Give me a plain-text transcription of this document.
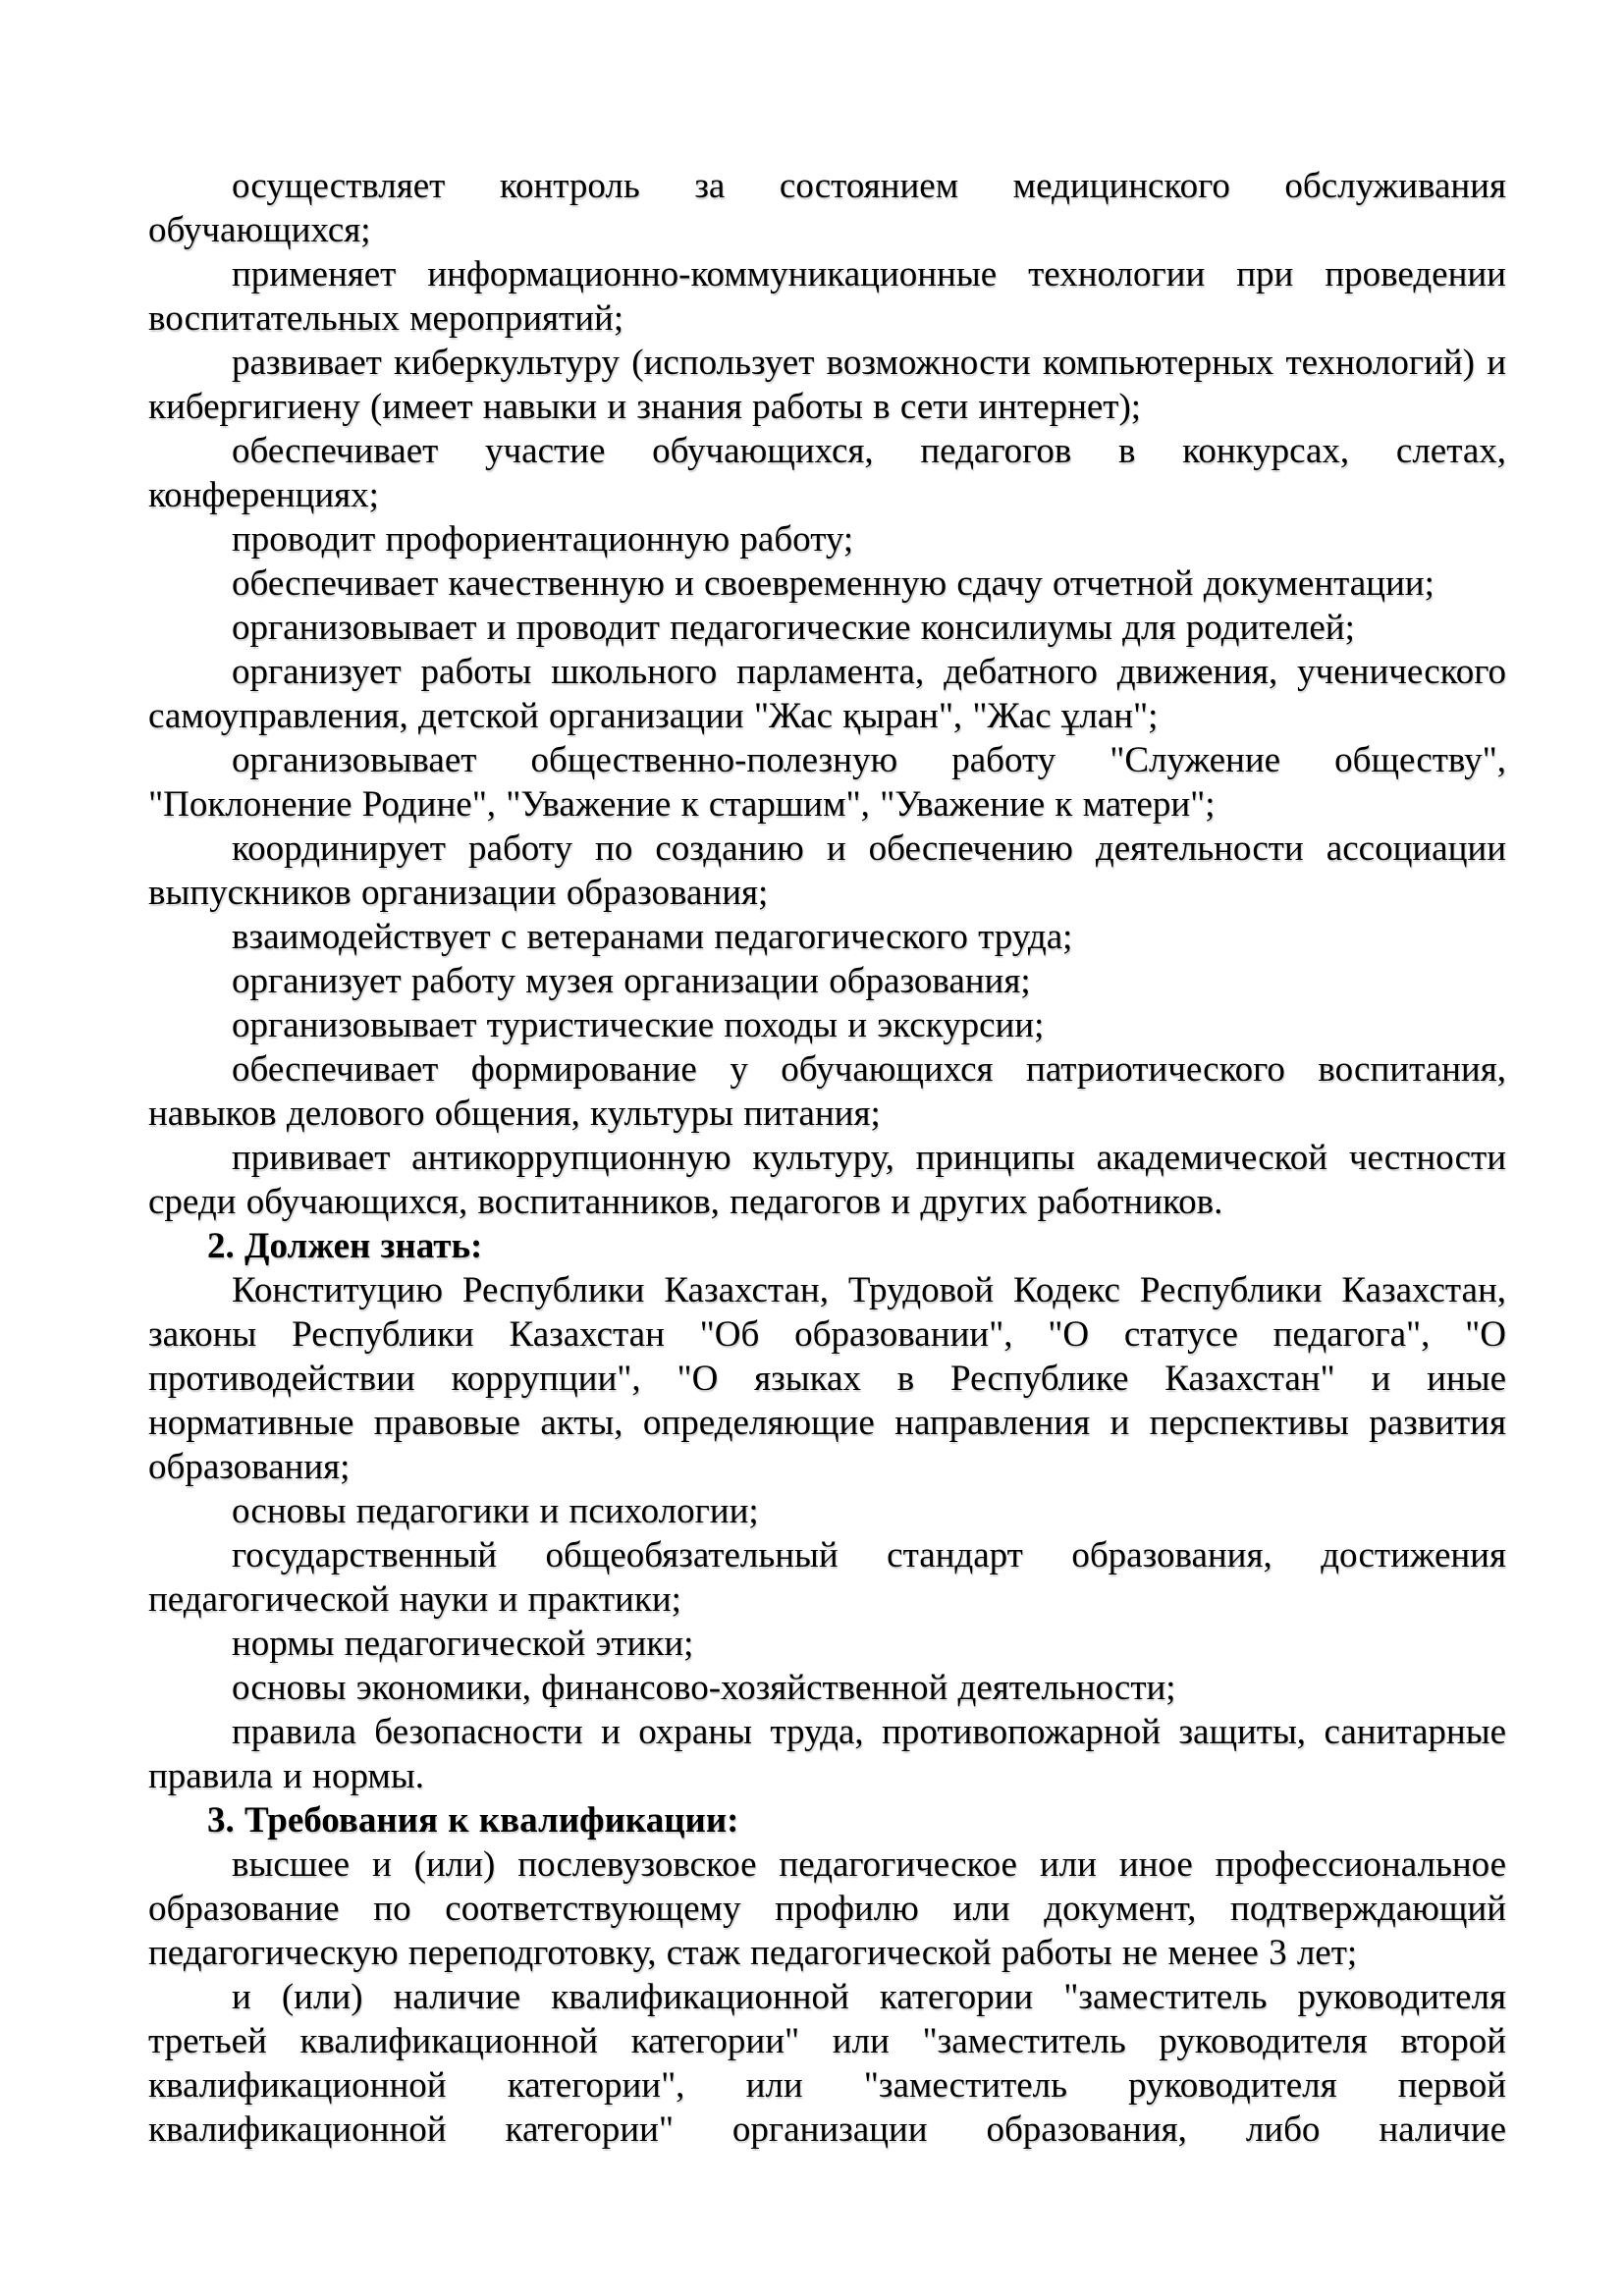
осуществляет контроль за состоянием медицинского обслуживания обучающихся;

применяет информационно-коммуникационные технологии при проведении воспитательных мероприятий;

развивает киберкультуру (использует возможности компьютерных технологий) и кибергигиену (имеет навыки и знания работы в сети интернет);

обеспечивает участие обучающихся, педагогов в конкурсах, слетах, конференциях;

проводит профориентационную работу;

обеспечивает качественную и своевременную сдачу отчетной документации;

организовывает и проводит педагогические консилиумы для родителей;

организует работы школьного парламента, дебатного движения, ученического самоуправления, детской организации "Жас қыран", "Жас ұлан";

организовывает общественно-полезную работу "Служение обществу", "Поклонение Родине", "Уважение к старшим", "Уважение к матери";

координирует работу по созданию и обеспечению деятельности ассоциации выпускников организации образования;

взаимодействует с ветеранами педагогического труда;

организует работу музея организации образования;

организовывает туристические походы и экскурсии;

обеспечивает формирование у обучающихся патриотического воспитания, навыков делового общения, культуры питания;

прививает антикоррупционную культуру, принципы академической честности среди обучающихся, воспитанников, педагогов и других работников.

2. Должен знать:

Конституцию Республики Казахстан, Трудовой Кодекс Республики Казахстан, законы Республики Казахстан "Об образовании", "О статусе педагога", "О противодействии коррупции", "О языках в Республике Казахстан" и иные нормативные правовые акты, определяющие направления и перспективы развития образования;

основы педагогики и психологии;

государственный общеобязательный стандарт образования, достижения педагогической науки и практики;

нормы педагогической этики;

основы экономики, финансово-хозяйственной деятельности;

правила безопасности и охраны труда, противопожарной защиты, санитарные правила и нормы.

3. Требования к квалификации:

высшее и (или) послевузовское педагогическое или иное профессиональное образование по соответствующему профилю или документ, подтверждающий педагогическую переподготовку, стаж педагогической работы не менее 3 лет;

и (или) наличие квалификационной категории "заместитель руководителя третьей квалификационной категории" или "заместитель руководителя второй квалификационной категории", или "заместитель руководителя первой квалификационной категории" организации образования, либо наличие
